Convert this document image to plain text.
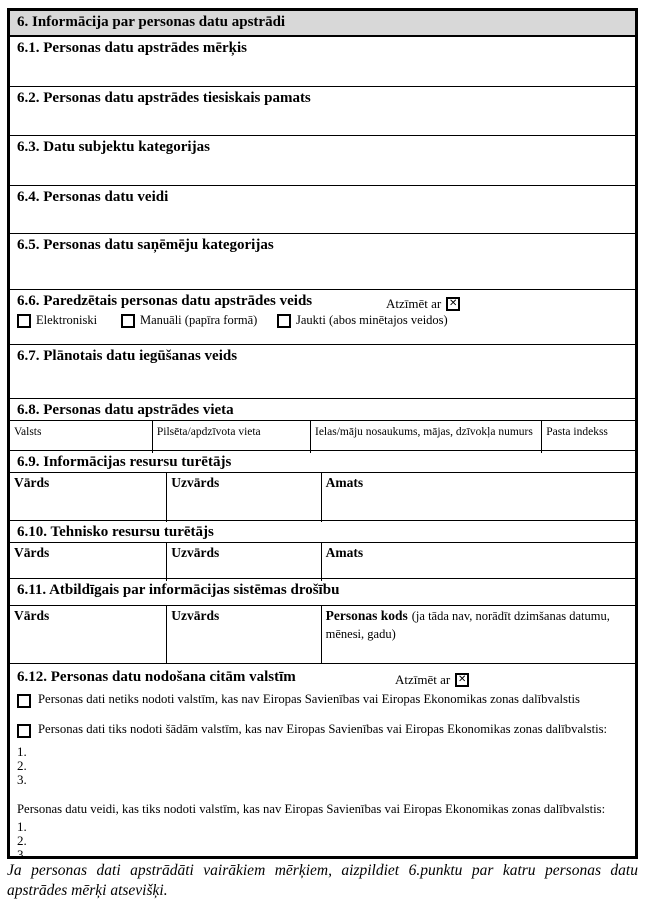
6. Informācija par personas datu apstrādi
6.1. Personas datu apstrādes mērķis
6.2. Personas datu apstrādes tiesiskais pamats
6.3. Datu subjektu kategorijas
6.4. Personas datu veidi
6.5. Personas datu saņēmēju kategorijas
6.6. Paredzētais personas datu apstrādes veids	Atzīmēt ar ✕
Elektroniski
	Manuāli (papīra formā)
	Jaukti (abos minētajos veidos)
6.7. Plānotais datu iegūšanas veids
6.8. Personas datu apstrādes vieta
Valsts	Pilsēta/apdzīvota vieta	Ielas/māju nosaukums, mājas, dzīvokļa numurs	Pasta indekss
6.9. Informācijas resursu turētājs
Vārds	Uzvārds	Amats
6.10. Tehnisko resursu turētājs
Vārds	Uzvārds	Amats
6.11. Atbildīgais par informācijas sistēmas drošību
Vārds	Uzvārds	Personas kods (ja tāda nav, norādīt dzimšanas datumu, mēnesi, gadu)
6.12. Personas datu nodošana citām valstīm	Atzīmēt ar ✕
Personas dati netiks nodoti valstīm, kas nav Eiropas Savienības vai Eiropas Ekonomikas zonas dalībvalstis
Personas dati tiks nodoti šādām valstīm, kas nav Eiropas Savienības vai Eiropas Ekonomikas zonas dalībvalstis:
1.
2.
3.
Personas datu veidi, kas tiks nodoti valstīm, kas nav Eiropas Savienības vai Eiropas Ekonomikas zonas dalībvalstis:
1.
2.
3.
Ja personas dati apstrādāti vairākiem mērķiem, aizpildiet 6.punktu par katru personas datu apstrādes mērķi atsevišķi.
